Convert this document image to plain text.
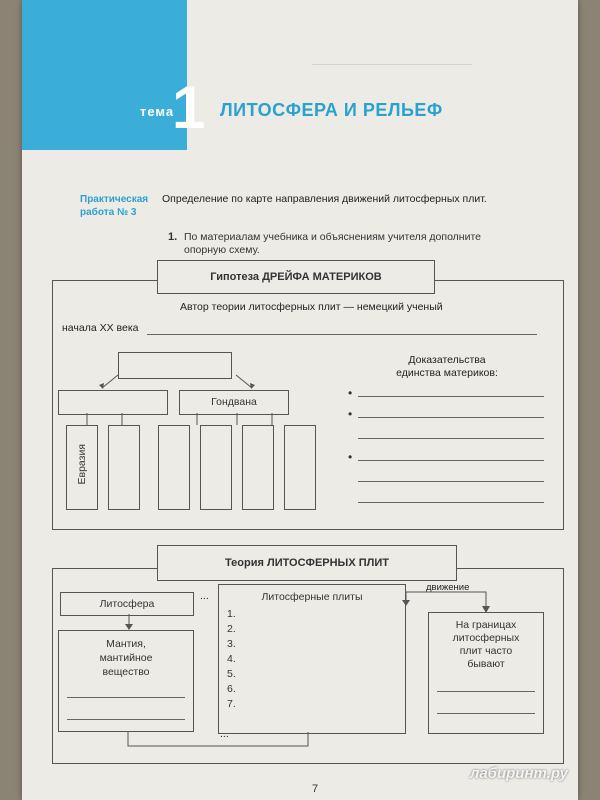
тема
1 ЛИТОСФЕРА И РЕЛЬЕФ
Практическая
работа № 3
Определение по карте направления движений литосферных плит.
1. По материалам учебника и объяснениям учителя дополните опорную схему.
Гипотеза ДРЕЙФА МАТЕРИКОВ
Автор теории литосферных плит — немецкий ученый
начала XX века
Гондвана
Евразия
Доказательства
единства материков:
•
•
•
Теория ЛИТОСФЕРНЫХ ПЛИТ
Литосфера
...
Мантия,
мантийное
вещество
Литосферные плиты
1.
2.
3.
4.
5.
6.
7.
движение
На границах
литосферных
плит часто
бывают
...
7
лабиринт.ру
